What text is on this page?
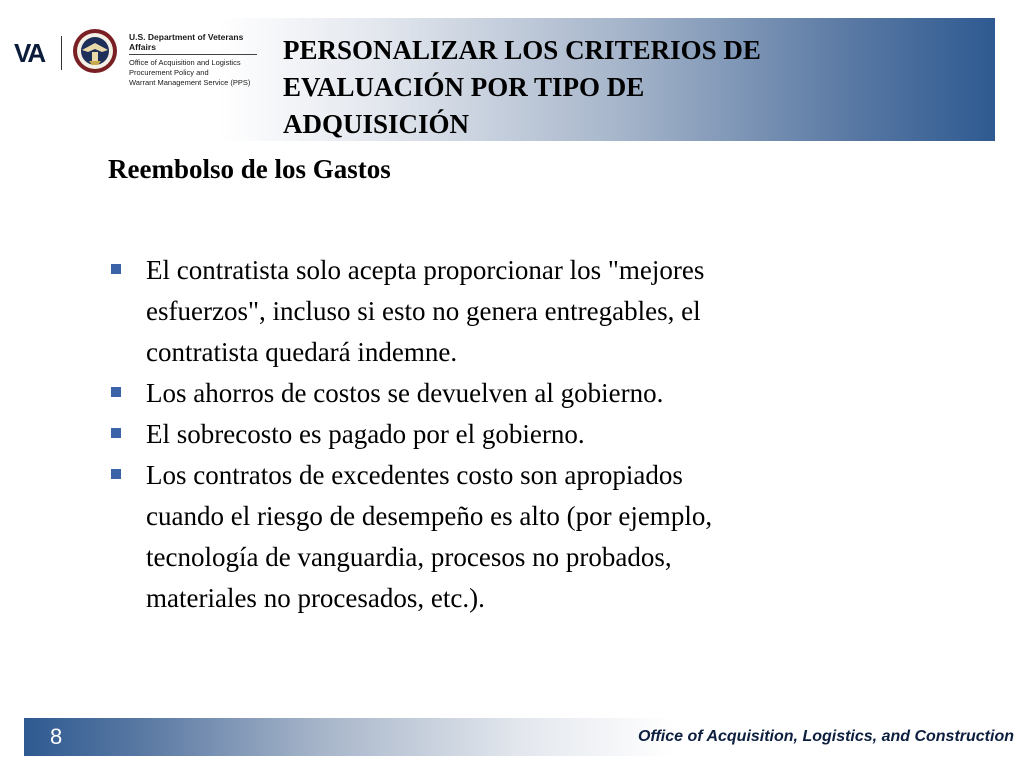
VA
U.S. Department of Veterans Affairs
Office of Acquisition and Logistics
Procurement Policy and
Warrant Management Service (PPS)
PERSONALIZAR LOS CRITERIOS DE
EVALUACIÓN POR TIPO DE
ADQUISICIÓN
Reembolso de los Gastos
El contratista solo acepta proporcionar los "mejores
esfuerzos", incluso si esto no genera entregables, el
contratista quedará indemne.
Los ahorros de costos se devuelven al gobierno.
El sobrecosto es pagado por el gobierno.
Los contratos de excedentes costo son apropiados
cuando el riesgo de desempeño es alto (por ejemplo,
tecnología de vanguardia, procesos no probados,
materiales no procesados, etc.).
8	Office of Acquisition, Logistics, and Construction
